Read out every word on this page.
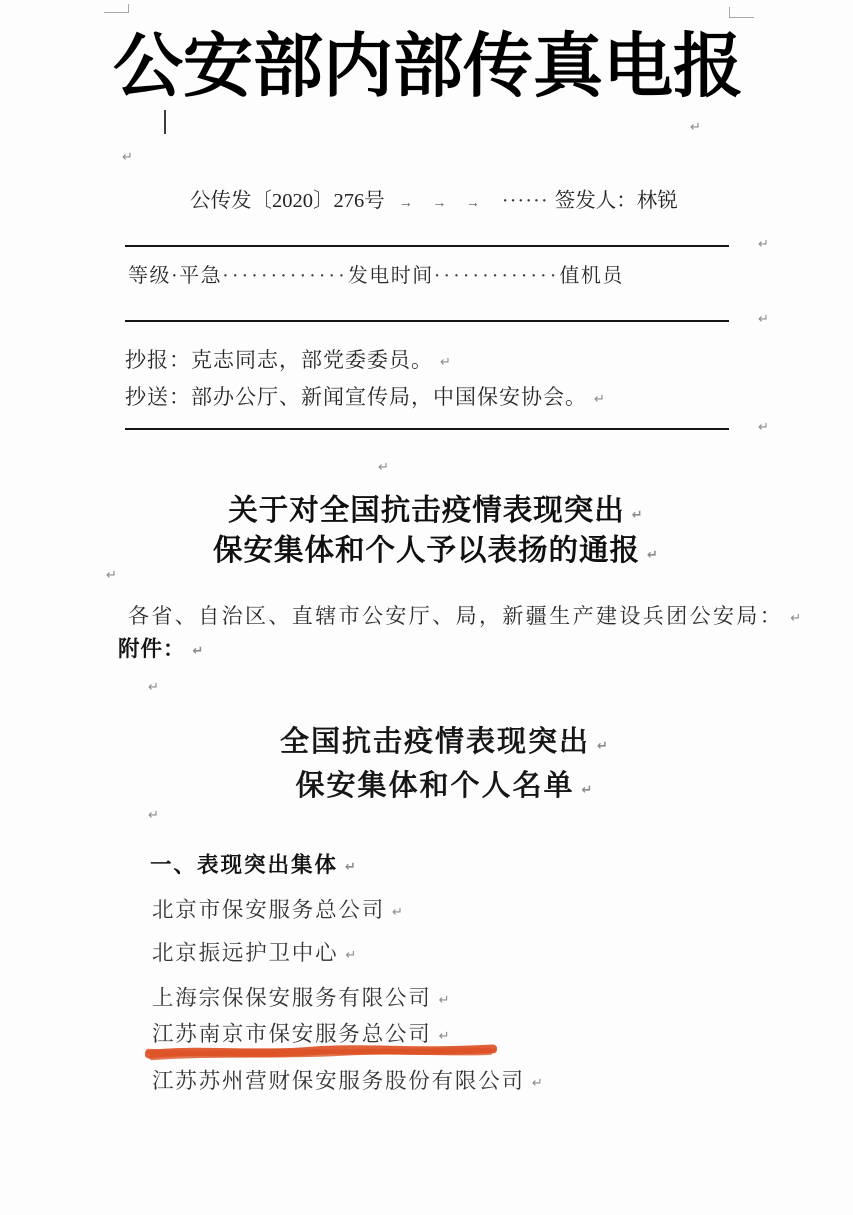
公安部内部传真电报
↵
↵
公传发〔2020〕276号 → → → ······ 签发人：林锐
↵
等级·平急·············发电时间·············值机员
↵
抄报：克志同志，部党委委员。 ↵
抄送：部办公厅、新闻宣传局，中国保安协会。 ↵
↵
↵
关于对全国抗击疫情表现突出 ↵
保安集体和个人予以表扬的通报 ↵
↵
各省、自治区、直辖市公安厅、局，新疆生产建设兵团公安局： ↵
附件： ↵
↵
全国抗击疫情表现突出 ↵
保安集体和个人名单 ↵
↵
一、表现突出集体 ↵
北京市保安服务总公司 ↵
北京振远护卫中心 ↵
上海宗保保安服务有限公司 ↵
江苏南京市保安服务总公司 ↵
江苏苏州营财保安服务股份有限公司 ↵
